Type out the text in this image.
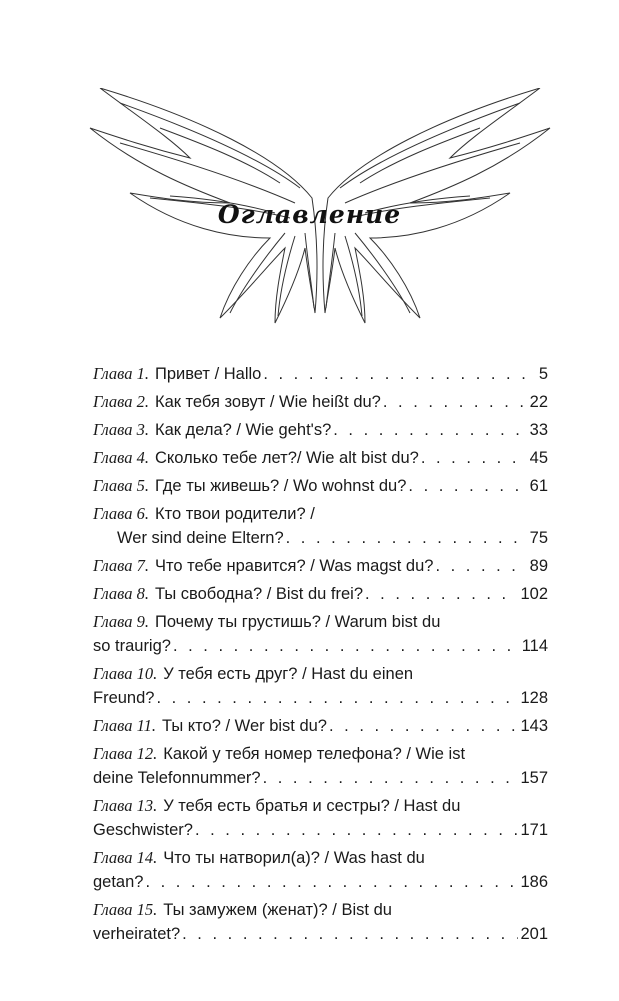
Оглавление
Глава 1. Привет / Hallo . . .	5
Глава 2. Как тебя зовут / Wie heißt du? . . .	22
Глава 3. Как дела? / Wie geht's? . . .	33
Глава 4. Сколько тебе лет?/ Wie alt bist du? . . .	45
Глава 5. Где ты живешь? / Wo wohnst du? . . .	61
Глава 6. Кто твои родители? /
Wer sind deine Eltern? . . .	75
Глава 7. Что тебе нравится? / Was magst du? . . .	89
Глава 8. Ты свободна? / Bist du frei? . . .	102
Глава 9. Почему ты грустишь? / Warum bist du
so traurig? . . .	114
Глава 10. У тебя есть друг? / Hast du einen
Freund? . . .	128
Глава 11. Ты кто? / Wer bist du? . . .	143
Глава 12. Какой у тебя номер телефона? / Wie ist
deine Telefonnummer? . . .	157
Глава 13. У тебя есть братья и сестры? / Hast du
Geschwister? . . .	171
Глава 14. Что ты натворил(а)? / Was hast du
getan? . . .	186
Глава 15. Ты замужем (женат)? / Bist du
verheiratet? . . .	201
